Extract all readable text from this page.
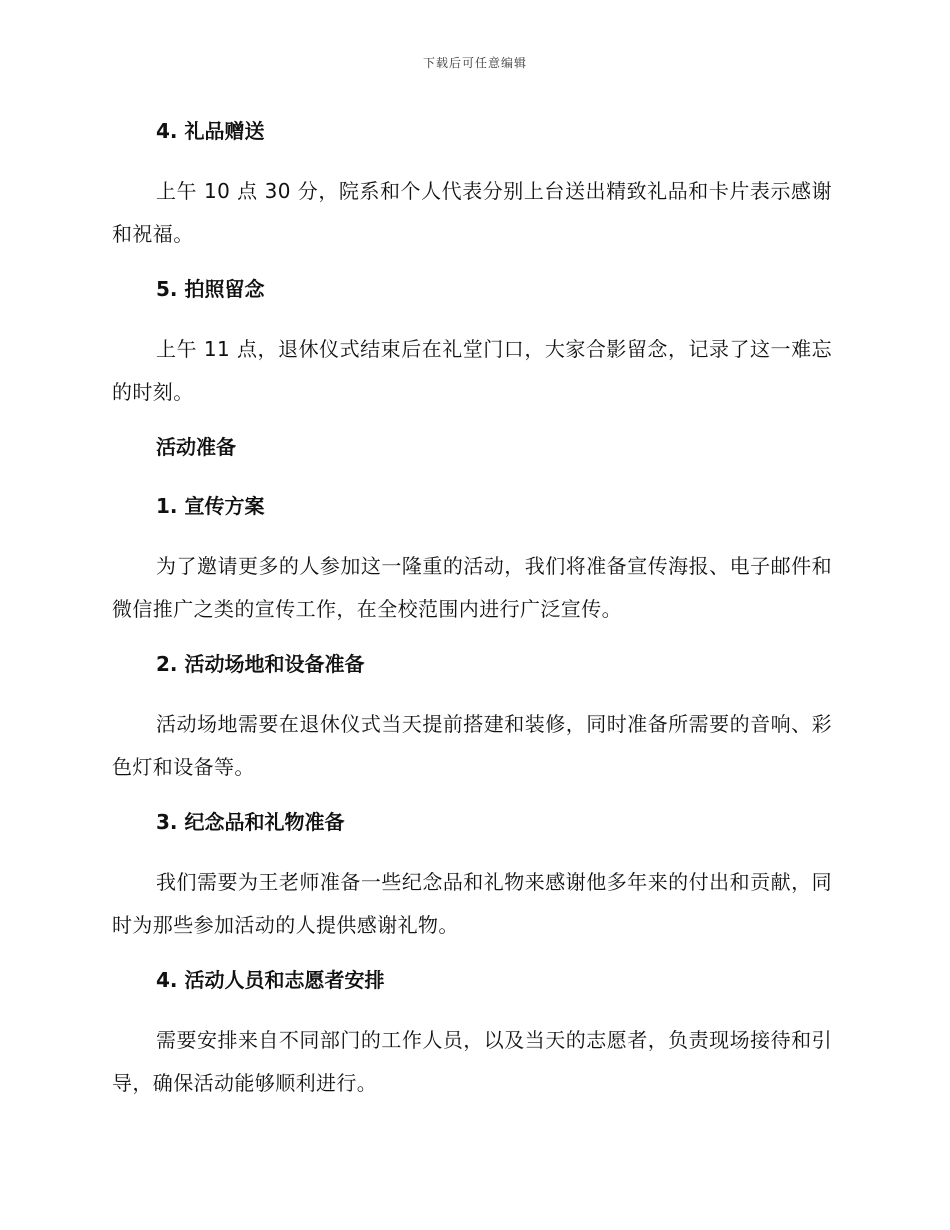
下载后可任意编辑
4. 礼品赠送
上午 10 点 30 分，院系和个人代表分别上台送出精致礼品和卡片表示感谢和祝福。
5. 拍照留念
上午 11 点，退休仪式结束后在礼堂门口，大家合影留念，记录了这一难忘的时刻。
活动准备
1. 宣传方案
为了邀请更多的人参加这一隆重的活动，我们将准备宣传海报、电子邮件和微信推广之类的宣传工作，在全校范围内进行广泛宣传。
2. 活动场地和设备准备
活动场地需要在退休仪式当天提前搭建和装修，同时准备所需要的音响、彩色灯和设备等。
3. 纪念品和礼物准备
我们需要为王老师准备一些纪念品和礼物来感谢他多年来的付出和贡献，同时为那些参加活动的人提供感谢礼物。
4. 活动人员和志愿者安排
需要安排来自不同部门的工作人员，以及当天的志愿者，负责现场接待和引导，确保活动能够顺利进行。
